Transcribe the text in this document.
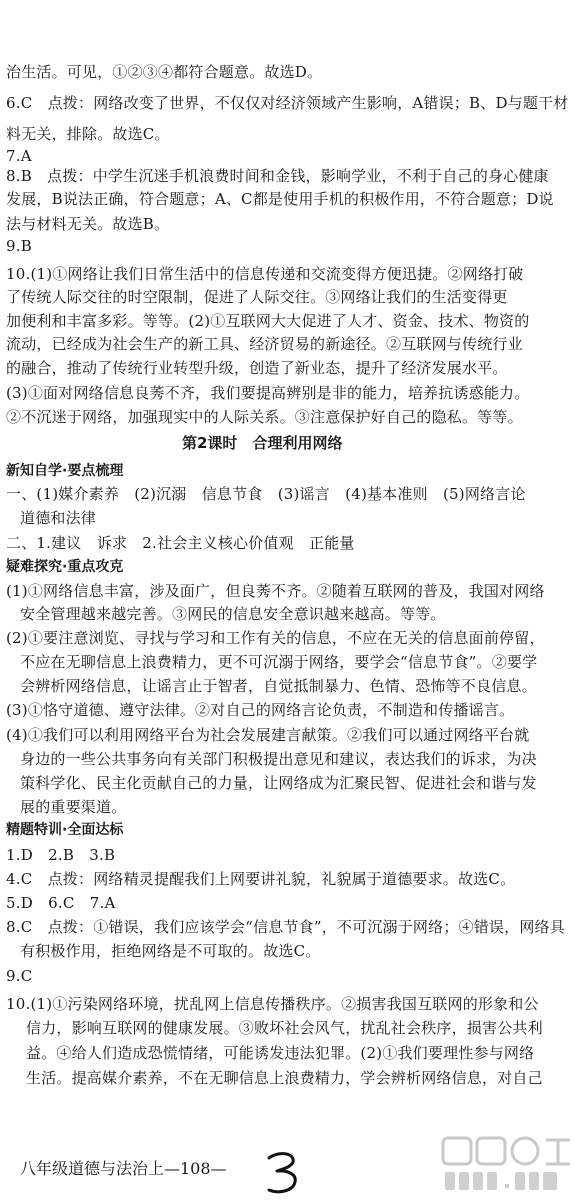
治生活。可见，①②③④都符合题意。故选D。
6.C　点拨：网络改变了世界，不仅仅对经济领域产生影响，A错误；B、D与题干材
料无关，排除。故选C。
7.A
8.B　点拨：中学生沉迷手机浪费时间和金钱，影响学业，不利于自己的身心健康
发展，B说法正确，符合题意；A、C都是使用手机的积极作用，不符合题意；D说
法与材料无关。故选B。
9.B
10.(1)①网络让我们日常生活中的信息传递和交流变得方便迅捷。②网络打破
了传统人际交往的时空限制，促进了人际交往。③网络让我们的生活变得更
加便利和丰富多彩。等等。(2)①互联网大大促进了人才、资金、技术、物资的
流动，已经成为社会生产的新工具、经济贸易的新途径。②互联网与传统行业
的融合，推动了传统行业转型升级，创造了新业态，提升了经济发展水平。
(3)①面对网络信息良莠不齐，我们要提高辨别是非的能力，培养抗诱惑能力。
②不沉迷于网络，加强现实中的人际关系。③注意保护好自己的隐私。等等。
第2课时　合理利用网络
新知自学·要点梳理
一、(1)媒介素养　(2)沉溺　信息节食　(3)谣言　(4)基本准则　(5)网络言论
道德和法律
二、1.建议　诉求　2.社会主义核心价值观　正能量
疑难探究·重点攻克
(1)①网络信息丰富，涉及面广，但良莠不齐。②随着互联网的普及，我国对网络
安全管理越来越完善。③网民的信息安全意识越来越高。等等。
(2)①要注意浏览、寻找与学习和工作有关的信息，不应在无关的信息面前停留，
不应在无聊信息上浪费精力，更不可沉溺于网络，要学会“信息节食”。②要学
会辨析网络信息，让谣言止于智者，自觉抵制暴力、色情、恐怖等不良信息。
(3)①恪守道德、遵守法律。②对自己的网络言论负责，不制造和传播谣言。
(4)①我们可以利用网络平台为社会发展建言献策。②我们可以通过网络平台就
身边的一些公共事务向有关部门积极提出意见和建议，表达我们的诉求，为决
策科学化、民主化贡献自己的力量，让网络成为汇聚民智、促进社会和谐与发
展的重要渠道。
精题特训·全面达标
1.D　2.B　3.B
4.C　点拨：网络精灵提醒我们上网要讲礼貌，礼貌属于道德要求。故选C。
5.D　6.C　7.A
8.C　点拨：①错误，我们应该学会“信息节食”，不可沉溺于网络；④错误，网络具
有积极作用，拒绝网络是不可取的。故选C。
9.C
10.(1)①污染网络环境，扰乱网上信息传播秩序。②损害我国互联网的形象和公
信力，影响互联网的健康发展。③败坏社会风气，扰乱社会秩序，损害公共利
益。④给人们造成恐慌情绪，可能诱发违法犯罪。(2)①我们要理性参与网络
生活。提高媒介素养，不在无聊信息上浪费精力，学会辨析网络信息，对自己
八年级道德与法治上—108—
